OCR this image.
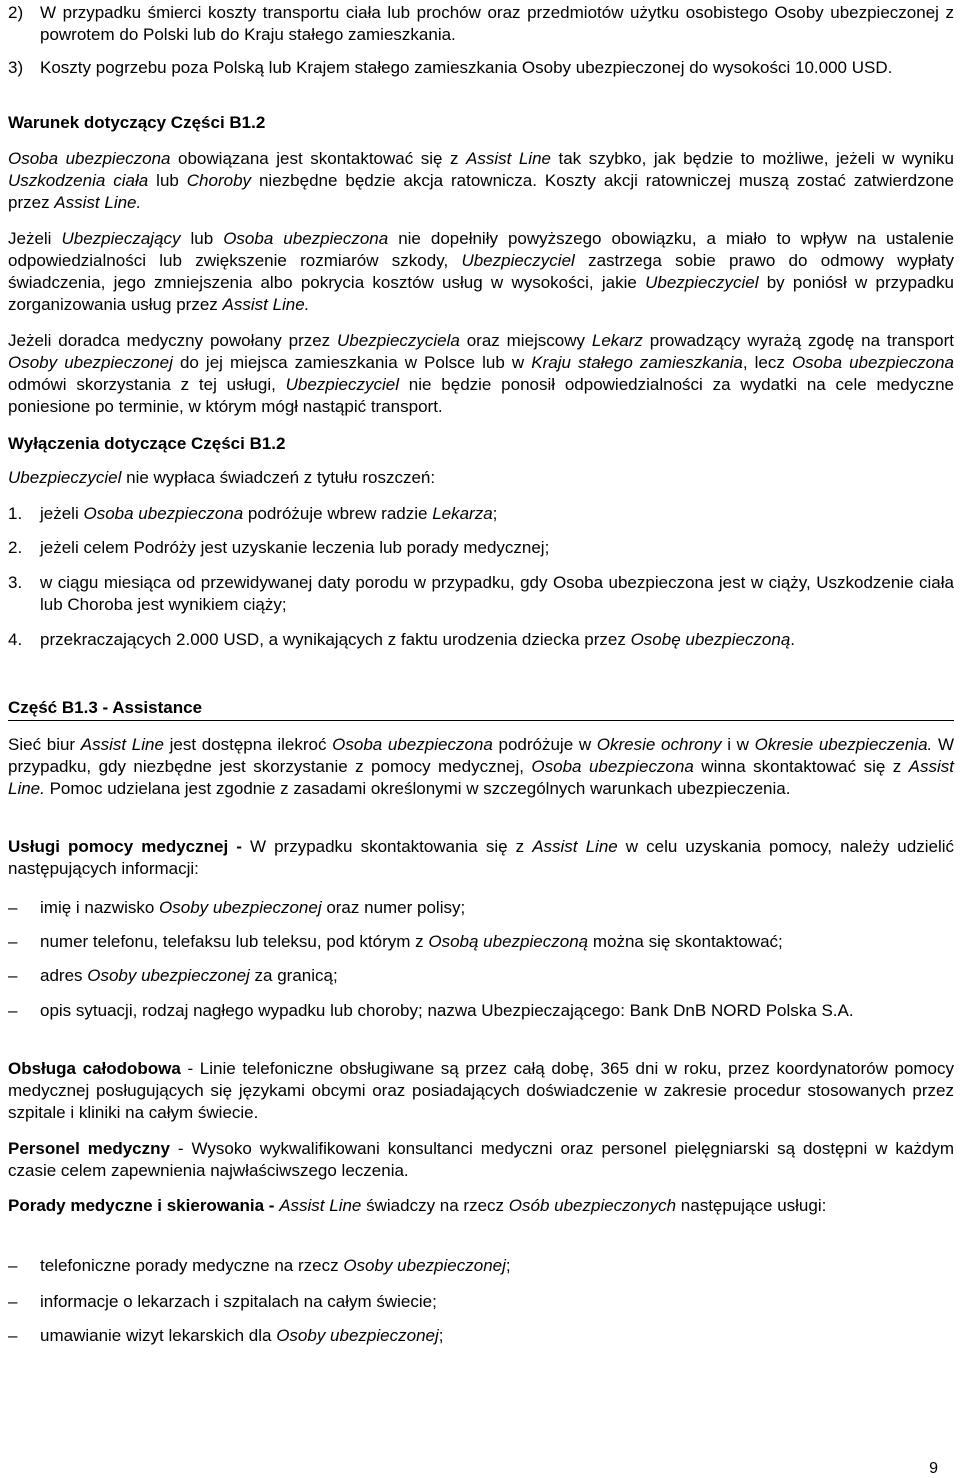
2) W przypadku śmierci koszty transportu ciała lub prochów oraz przedmiotów użytku osobistego Osoby ubezpieczonej z powrotem do Polski lub do Kraju stałego zamieszkania.
3) Koszty pogrzebu poza Polską lub Krajem stałego zamieszkania Osoby ubezpieczonej do wysokości 10.000 USD.
Warunek dotyczący Części B1.2

Osoba ubezpieczona obowiązana jest skontaktować się z Assist Line tak szybko, jak będzie to możliwe, jeżeli w wyniku Uszkodzenia ciała lub Choroby niezbędne będzie akcja ratownicza. Koszty akcji ratowniczej muszą zostać zatwierdzone przez Assist Line.

Jeżeli Ubezpieczający lub Osoba ubezpieczona nie dopełniły powyższego obowiązku, a miało to wpływ na ustalenie odpowiedzialności lub zwiększenie rozmiarów szkody, Ubezpieczyciel zastrzega sobie prawo do odmowy wypłaty świadczenia, jego zmniejszenia albo pokrycia kosztów usług w wysokości, jakie Ubezpieczyciel by poniósł w przypadku zorganizowania usług przez Assist Line.

Jeżeli doradca medyczny powołany przez Ubezpieczyciela oraz miejscowy Lekarz prowadzący wyrażą zgodę na transport Osoby ubezpieczonej do jej miejsca zamieszkania w Polsce lub w Kraju stałego zamieszkania, lecz Osoba ubezpieczona odmówi skorzystania z tej usługi, Ubezpieczyciel nie będzie ponosił odpowiedzialności za wydatki na cele medyczne poniesione po terminie, w którym mógł nastąpić transport.

Wyłączenia dotyczące Części B1.2

Ubezpieczyciel nie wypłaca świadczeń z tytułu roszczeń:

1.	jeżeli Osoba ubezpieczona podróżuje wbrew radzie Lekarza;
2.	jeżeli celem Podróży jest uzyskanie leczenia lub porady medycznej;
3.	w ciągu miesiąca od przewidywanej daty porodu w przypadku, gdy Osoba ubezpieczona jest w ciąży, Uszkodzenie ciała lub Choroba jest wynikiem ciąży;
4.	przekraczających 2.000 USD, a wynikających z faktu urodzenia dziecka przez Osobę ubezpieczoną.
Część B1.3 - Assistance

Sieć biur Assist Line jest dostępna ilekroć Osoba ubezpieczona podróżuje w Okresie ochrony i w Okresie ubezpieczenia. W przypadku, gdy niezbędne jest skorzystanie z pomocy medycznej, Osoba ubezpieczona winna skontaktować się z Assist Line. Pomoc udzielana jest zgodnie z zasadami określonymi w szczególnych warunkach ubezpieczenia.

Usługi pomocy medycznej - W przypadku skontaktowania się z Assist Line w celu uzyskania pomocy, należy udzielić następujących informacji:

–	imię i nazwisko Osoby ubezpieczonej oraz numer polisy;
–	numer telefonu, telefaksu lub teleksu, pod którym z Osobą ubezpieczoną można się skontaktować;
–	adres Osoby ubezpieczonej za granicą;
–	opis sytuacji, rodzaj nagłego wypadku lub choroby; nazwa Ubezpieczającego: Bank DnB NORD Polska S.A.

Obsługa całodobowa - Linie telefoniczne obsługiwane są przez całą dobę, 365 dni w roku, przez koordynatorów pomocy medycznej posługujących się językami obcymi oraz posiadających doświadczenie w zakresie procedur stosowanych przez szpitale i kliniki na całym świecie.

Personel medyczny - Wysoko wykwalifikowani konsultanci medyczni oraz personel pielęgniarski są dostępni w każdym czasie celem zapewnienia najwłaściwszego leczenia.

Porady medyczne i skierowania - Assist Line świadczy na rzecz Osób ubezpieczonych następujące usługi:

–	telefoniczne porady medyczne na rzecz Osoby ubezpieczonej;
–	informacje o lekarzach i szpitalach na całym świecie;
–	umawianie wizyt lekarskich dla Osoby ubezpieczonej;
9
